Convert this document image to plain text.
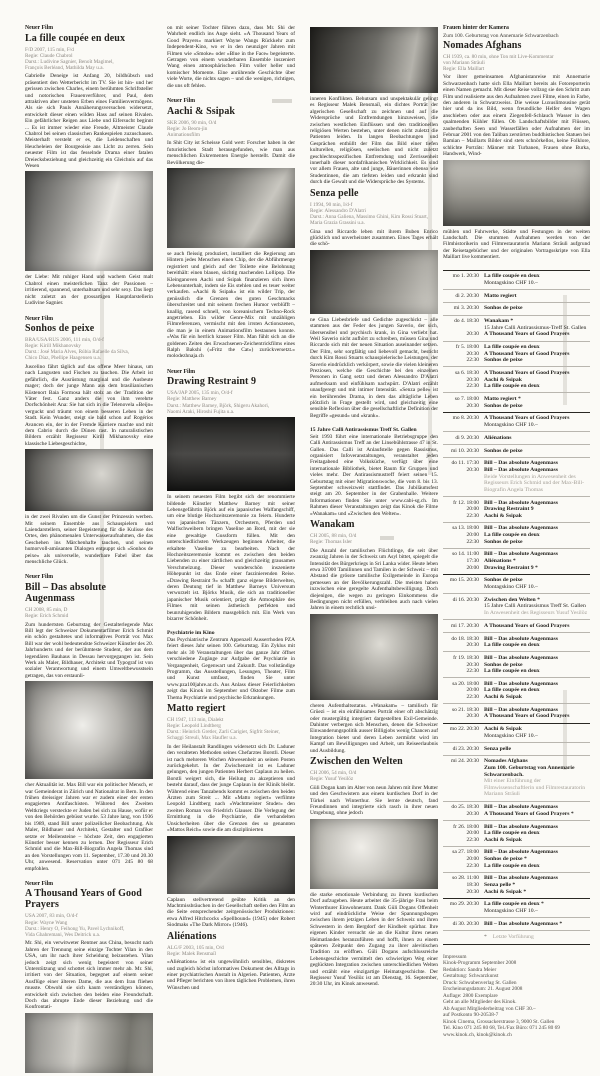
Neuer Film
La fille coupée en deux
F/D 2007, 115 min, F/d
Regie: Claude Chabrol
Darst.: Ludivine Sagnier, Benoît Magimel,
François Berléand, Mathilda May u.a.

Gabrielle Deneige ist Anfang 20, bildhübsch und präsentiert den Wetterbericht im TV. Sie ist hin- und her gerissen zwischen Charles, einem berühmten Schriftsteller und notorischen Frauenverführer, und Paul, dem attraktiven aber unsteten Erben eines Familienvermögens. Als sie sich Pauls Annäherungsversuchen widersetzt, entwickelt dieser einen wilden Hass auf seinen Rivalen. Ein gefährlicher Reigen aus Liebe und Eifersucht beginnt ... Es ist immer wieder eine Freude, Altmeister Claude Chabrol bei seinen classischen Rankespielen zuzuschauen. Meisterhaft versteht er es, die Leidenschaften und Heucheleien der Bourgeoisie ans Licht zu zerren. Sein neuester Film ist das fesselnde Drama einer fatalen Dreiecksbeziehung und gleichzeitig ein Gleichnis auf das Wesen

der Liebe: Mit ruhiger Hand und wachem Geist malt Chabrol einen meisterlichen Tanz der Passionen – irritierend, spannend, unterhaltsam und sehr sexy. Das liegt nicht zuletzt an der grossartigen Hauptdarstellerin Ludivine Sagnier.

Neuer Film
Sonhos de peixe
BRA/USA/RUS 2006, 111 min, O/d-f
Regie: Kirill Mikhanovsky
Darst.: José Maria Alves, Rúbia Rafaelle da Silva,
Chico Díaz, Phellipe Haagensen u.a.

Juscelino fährt täglich auf das offene Meer hinaus, um nach Langusten und Fischen zu tauchen. Die Arbeit ist gefährlich, die Ausrüstung marginal und die Ausbeute mager; doch der junge Mann aus dem brasilianischen Küstenort Baia Formosa hält stolz an der Tradition der Väter fest. Ganz anders die von ihm verehrte Dorfschönheit Ana: Sie hat sich in die Telenovela «Beijo» verguckt und träumt von einem besseren Leben in der Stadt. Kein Wunder, steigt sie bald schon auf Rogérios Avancen ein, der in der Fremde Karriere machte und mit dem Cabrio durch die Dünen rast. In naturalistischen Bildern erzählt Regisseur Kirill Mikhanovsky eine klassische Liebesgeschichte,

in der zwei Rivalen um die Gunst der Prinzessin werben. Mit seinem Ensemble aus Schauspielern und Laiendarstellern, seiner Begeisterung für die Kulisse des Ortes, den phänomenalen Unterwasseraufnahmen, die das Geschehen ins Märchenhafte tauchen, und seinen humorvoll-amüsanten Dialogen entpuppt sich «Sonhos de peixe» als universelle, wunderbare Fabel über das menschliche Glück.

Neuer Film
Bill – Das absolute Augenmass
CH 2008, 85 min, D
Regie: Erich Schmid

Zum hundertsten Geburtstag der Gestalterlegende Max Bill legt der Schweizer Dokumentarfilmer Erich Schmid ein schön gestaltetes und informatives Porträt vor. Max Bill war der wohl bedeutendste Schweizer Künstler des 20. Jahrhunderts und der berühmteste Student, der aus dem legendären Bauhaus in Dessau hervorgegangen ist. Sein Werk als Maler, Bildhauer, Architekt und Typograf ist von sozialer Verantwortung und einem Umweltbewusstsein getragen, das von erstaunli-

cher Aktualität ist. Max Bill war ein politischer Mensch, er war Gemeinderat in Zürich und Nationalrat in Bern. In den frühen dreissiger Jahren war er zudem einer der ersten engagierten Antifaschisten. Während des Zweiten Weltkriegs versteckte er Juden bei sich zu Hause, wofür er von den Behörden gebüsst wurde. 53 Jahre lang, von 1936 bis 1989, stand Bill unter polizeilicher Beobachtung. Als Maler, Bildhauer und Architekt, Gestalter und Grafiker setzte er Meilensteine – höchste Zeit, den engagierten Künstler besser kennen zu lernen. Der Regisseur Erich Schmid und die Max-Bill-Biografin Angela Thomas sind an den Vorstellungen vom 11. September, 17.30 und 20.30 Uhr, anwesend. Reservation unter 071 245 80 68 empfohlen.

Neuer Film
A Thousand Years of Good Prayers
USA 2007, 83 min, O/d-f
Regie: Wayne Wang
Darst.: Henry O, Feihong Yu, Pavel Lychnikoff,
Vida Ghahremani, Wes Deitrick u.a.

Mr. Shi, ein verwitweter Rentner aus China, besucht nach Jahren der Trennung seine einzige Tochter Yilan in den USA, um ihr nach ihrer Scheidung beizustehen. Yilan jedoch zeigt sich wenig begeistert von seiner Unterstützung und schottet sich immer mehr ab. Mr. Shi, irritiert von der Situation, begegnet auf einem seiner Ausflüge einer älteren Dame, die aus dem Iran fliehen musste. Obwohl sie sich kaum verständigen können, entwickelt sich zwischen den beiden eine Freundschaft. Doch das abrupte Ende dieser Beziehung und die Konfrontati-

on mit seiner Tochter führen dazu, dass Mr. Shi der Wahrheit endlich ins Auge sieht. «A Thousand Years of Good Prayers» markiert Wayne Wangs Rückkehr zum Independent-Kino, wo er in den neunziger Jahren mit Filmen wie «Smoke» oder «Blue in the Face» begeisterte. Getragen von einem wunderbaren Ensemble inszeniert Wang einen atmosphärischen Film voller heller und komischer Momente. Eine anrührende Geschichte über viele Worte, die nichts sagen – und die wenigen, richtigen, die uns oft fehlen.

Neuer Film
Aachi & Ssipak
SKR 2006, 90 min, O/d
Regie: Jo Beom-jin
Animationsfilm

In Shit City ist Scheisse Gold wert: Forscher haben in der futuristischen Stadt herausgefunden, wie man aus menschlichen Exkrementen Energie herstellt. Damit die Bevölkerung die-

se auch fleissig produziert, installiert die Regierung am Hintern jedes Menschen einen Chip, der die Abführmenge registriert und gleich auf der Toilette eine Belohnung bereithält: einen blauen, süchtig machenden Lollipop. Die Kleinganoven Aachi und Ssipak finanzieren sich ihren Lebensunterhalt, indem sie Eis stehlen und es teuer weiter verkaufen. «Aachi & Ssipak» ist ein wilder Trip, der genüsslich die Grenzen des guten Geschmacks überschreitet und mit seinem frechen Humor verblüfft – knallig, rasend schnell, von koreanischem Techno-Rock angetrieben. Ein wilder Genre-Mix mit unzähligen Filmreferenzen, vermischt mit den irrsten Actionszenen, die man je in einem Animationsfilm bestaunen konnte. «Was für ein herrlich krasser Film. Man fühlt sich an die goldenen Zeiten des Erwachsenen-Zeichentrickfilms eines Ralph Bakshi («Fritz the Cat») zurückversetzt.» molodezhnaja.ch

Neuer Film
Drawing Restraint 9
USA/JAP 2005, 135 min, O/d-f
Regie: Matthew Barney
Darst.: Matthew Barney, Björk, Shigeru Akahori,
Naomi Araki, Hiroshi Fujita u.a.

In seinem neuesten Film begibt sich der renommierte bildende Künstler Matthew Barney mit seiner Lebensgefährtin Björk auf ein japanisches Walfangschiff, um eine blutige Hochzeitszeremonie zu feiern. Hunderte von japanischen Tänzern, Orchestern, Pferden und Walfischweibern bringen Vaseline an Bord, mit der sie eine gewaltige Gussform füllen. Mit den unterschiedlichsten Werkzeugen beginnen Arbeiter, die erkaltete Vaseline zu bearbeiten. Nach der Hochzeitszeremonie kommt es zwischen den beiden Liebenden zu einer zärtlichen und gleichzeitig grausamen Verschmelzung. Dieser wunderschön inszenierte Höhepunkt ist das Ende einer faszinierenden Reise. «Drawing Restraint 9» schafft ganz eigene Bilderwelten, deren Deutung tief in Matthew Barneys Universum verwurzelt ist. Björks Musik, die sich an traditioneller japanischer Musik orientiert, prägt die Atmosphäre des Filmes mit seinen ästhetisch perfekten und beunruhigenden Bildern massgeblich mit. Ein Werk von bizarrer Schönheit.

Psychiatrie im Kino

Das Psychiatrische Zentrum Appenzell Ausserrhoden PZA feiert dieses Jahr seinen 100. Geburtstag. Ein Zyklus mit mehr als 30 Veranstaltungen über das ganze Jahr öffnet verschiedene Zugänge zur Aufgabe der Psychiatrie in Vergangenheit, Gegenwart und Zukunft. Das vollständige Programm, das Ausstellungen, Lesungen, Theater, Film und Kunst umfasst, finden Sie unter www.pza100jahre.ar.ch. Aus Anlass dieser Feierlichkeiten zeigt das Kinok im September und Oktober Filme zum Thema Psychiatrie und psychische Erkrankungen.

Matto regiert
CH 1947, 113 min, Dialekt
Regie: Leopold Lindtberg
Darst.: Heinrich Gretler, Zarli Carigiet, Sigfrit Steiner,
Schaggi Streuli, Max Haufler u.a.

In der Heilanstalt Randlingen widersetzt sich Dr. Laduner den veralteten Methoden seines Chefarztes Borstli. Dieser ist nach mehreren Wochen Abwesenheit an seinen Posten zurückgekehrt. In der Zwischenzeit ist es Laduner gelungen, den jungen Patienten Herbert Caplaun zu heilen. Borstli weigert sich, die Heilung zu akzeptieren und besteht darauf, dass der junge Caplaun in der Klinik bleibt. Während eines Tanzabends kommt es zwischen den beiden Ärzten zum Streit ... Mit «Matto regiert» verfilmte Leopold Lindtberg nach «Wachtmeister Studer» den zweiten Roman von Friedrich Glauser. Die Verlegung der Ermittlung in die Psychiatrie, die verhandelten Unsicherheiten über die Grenzen des so genannten «Mattos Reich» sowie die am disziplinierten

Caplaun stellvertretend geübte Kritik an den Machtmissbräuchen in der Gesellschaft stellen den Film an die Seite entsprechender zeitgenössischer Produktionen: etwa Alfred Hitchcocks «Spellbound» (1945) oder Robert Siodmaks «The Dark Mirror» (1946).

Aliénations
ALG/F 2003, 105 min, O/d
Regie: Malek Bensmaïl

«Aliénations» ist ein ungewöhnlich sensibles, diskretes und zugleich höchst informatives Dokument des Alltags in einer psychiatrischen Anstalt in Algerien. Patienten, Ärzte und Pfleger berichten von ihren täglichen Problemen, ihren Wünschen und

inneren Konflikten. Behutsam und unspektakulär gelingt es Regisseur Malek Bensmaïl, ein dichtes Porträt der algerischen Gesellschaft zu zeichnen und auf die Widersprüche und Entfremdungen hinzuweisen, die zwischen westlichen Einflüssen und den traditionellen religiösen Werten bestehen, unter denen nicht zuletzt die Patienten leiden. In langen Beobachtungen und Gesprächen enthüllt der Film das Bild einer tiefen kulturellen, religiösen, seelischen und nicht zuletzt geschlechtsspezifischen Entfremdung und Zerrissenheit innerhalb dieser nordafrikanischen Wirklichkeit. Es sind vor allem Frauen, alte und junge, Bäuerinnen ebenso wie Studentinnen, die am tiefsten leiden und erkrankt sind durch die Gewalt und die Widersprüche des Systems.

Senza pelle
I 1994, 90 min, I/d-f
Regie: Alessandro D'Alatri
Darst.: Anna Galiena, Massimo Ghini, Kim Rossi Stuart,
Maria Grazia Grassini u.a.

Gina und Riccardo leben mit ihrem Buben Enrico glücklich und unverheiratet zusammen. Eines Tages erhält die schö-

ne Gina Liebesbriefe und Gedichte zugeschickt – alle stammen aus der Feder des jungen Saverio, der sich, übersensibel und psychisch krank, in Gina verliebt hat. Weil Saverio nicht aufhört zu schreiben, müssen Gina und Riccardo sich mit der neuen Situation auseinander setzen. Der Film, sehr sorgfältig und liebevoll gemacht, besticht durch Kim Rossi Stuarts schauspielerische Leistungen, der Saverio eindrücklich verkörpert, sowie die vielen kleineren Preziosen, welche die Geschichte bei den einzelnen Personen in Gang setzt und denen Alessandro D'Alatri aufmerksam und einfühlsam nachspürt. D'Alatri erzählt unaufgeregt und mit intimer Intensität. «Senza pelle» ist ein berührendes Drama, in dem das alltägliche Leben plötzlich in Frage gestellt wird, und gleichzeitig eine sensible Reflexion über die gesellschaftliche Definition der Begriffe «gesund» und «krank».

15 Jahre Calli Antirassismus Treff St. Gallen

Seit 1993 führt eine internationale Betriebsgruppe den Calli Antirassismus Treff an der Linsebühlstrasse 47 in St. Gallen. Das Calli ist Anlaufstelle gegen Rassismus, organisiert Infoveranstaltungen, veranstaltet jeden Freitagabend eine Volksküche, verfügt über eine internationale Bibliothek, bietet Raum für Gruppen und vieles mehr. Der Antirassismustreff feiert seinen 15. Geburtstag mit einer Migrationswoche, die vom 8. bis 13. September schweizweit stattfindet. Das Jubiläumsfest steigt am 20. September in der Grabenhalle. Weitere Informationen finden Sie unter www.cabi-sg.ch. Im Rahmen dieser Veranstaltungen zeigt das Kinok die Filme «Wanakam» und «Zwischen den Welten».

Wanakam
CH 2005, 88 min, O/d
Regie: Thomas Isler

Die Anzahl der tamilischen Flüchtlinge, die seit über zwanzig Jahren in der Schweiz um Asyl bittet, spiegelt die Intensität des Bürgerkriegs in Sri Lanka wider. Heute leben etwa 35'000 Tamilinnen und Tamilen in der Schweiz – mit Abstand die grösste tamilische Exilgemeinde in Europa gemessen an der Bevölkerungszahl. Die meisten haben inzwischen eine geregelte Aufenthaltsbewilligung. Doch diejenigen, die wegen zu geringen Einkommens die Bedingungen nicht erfüllen, verbleiben auch nach vielen Jahren in einem rechtlich unsi-

cheren Aufenthaltsstatus. «Wanakam» – tamilisch für Grüezi – ist ein einfühlsames Porträt einer oft abschätzig oder mustergültig integriert dargestellten Exil-Gemeinde. Dahinter verbergen sich Menschen, denen die Schweizer Einwanderungspolitik ausser Billigjobs wenig Chancen auf Integration bietet und deren Leben zermürbt wird im Kampf um Bewilligungen und Arbeit, um Reiseerlaubnis und Ausbildung.

Zwischen den Welten
CH 2006, 54 min, O/d
Regie: Yusuf Yesilöz

Güli Dogan kam im Alter von neun Jahren mit ihrer Mutter und den Geschwistern aus einem kurdischen Dorf in der Türkei nach Winterthur. Sie lernte deutsch, fand Freundinnen und integrierte sich rasch in ihrer neuen Umgebung, ohne jedoch

die starke emotionale Verbindung zu ihrem kurdischen Dorf aufzugeben. Heute arbeitet die 35-jährige Frau beim Winterthurer Einwohneramt. Dank Güli Dogans Offenheit wird auf eindrückliche Weise der Spannungsbogen zwischen ihrem jetzigen Leben in der Schweiz und ihren Schwestern in dem Bergdorf der Kindheit spürbar. Ihre eigenen Kinder versucht sie an die Kultur ihres neuen Heimatlandes heranzuführen und hofft, ihnen zu einem späteren Zeitpunkt den Zugang zu ihrer alevitischen Tradition zu eröffnen. Güli Dogans aufschlussreiche Lebensgeschichte vermittelt den schwierigen Weg einer geglückten Integration zwischen unterschiedlichen Welten und erzählt eine einzigartige Heimatsgeschichte. Der Regisseur Yusuf Yesilöz ist am Dienstag, 16. September, 20:30 Uhr, im Kinok anwesend.

Frauen hinter der Kamera
Zum 100. Geburtstag von Annemarie Schwarzenbach
Nomades Afghans
CH 1939, ca. 80 min, ohne Ton mit Live-Kommentar
von Mariann Sträuli
Regie: Ella Maillart

Vor ihrer gemeinsamen Afghanistanreise mit Annemarie Schwarzenbach hatte sich Ella Maillart bereits als Fotoreporterin einen Namen gemacht. Mit dieser Reise vollzog sie den Schritt zum Film und realisierte aus den Aufnahmen zwei Filme, einen in Farbe, den anderen in Schwarzweiss. Die weisse Luxuslimousine gerät hier und da ins Bild, wenn freundliche Helfer den Wagen anschieben oder aus einem Ziegenfell-Schlauch Wasser in den qualmenden Kühler füllen. Ob Landschaftsbilder mit Flüssen, zauberhaften Seen und Wasserfällen oder Aufnahmen der im Februar 2001 von den Taliban zerstörten buddhistischen Statuen bei Bamian – Maillarts Bilder sind stets schnörkellos, keine Folklore, schlichte Porträts: Männer mit Turbanen, Frauen ohne Burka, Handwerk, Wind-

mühlen und Fuhrwerke, Städte und Festungen in der weiten Landschaft. Die stummen Aufnahmen werden von der Filmhistorikerin und Filmrestauratorin Mariann Sträuli aufgrund der Reisetagebücher und der originalen Vortragsskripte von Ella Maillart live kommentiert.

mo 1. 20:30 La fille coupée en deux
Montagskino CHF 10.–
di 2. 20:30 Matto regiert
mi 3. 20:30 Sonhos de peixe
do 4. 18:30 Wanakam *
15 Jahre Calli Antirassismus-Treff St. Gallen
20:30 A Thousand Years of Good Prayers
fr 5. 18:00 La fille coupée en deux
20:30 A Thousand Years of Good Prayers
22:30 Sonhos de peixe
sa 6. 18:30 A Thousand Years of Good Prayers
20:30 Aachi & Ssipak
22:30 La fille coupée en deux
so 7. 18:00 Matto regiert *
20:30 Sonhos de peixe
mo 8. 20:30 A Thousand Years of Good Prayers
Montagskino CHF 10.–
di 9. 20:30 Aliénations
mi 10. 20:30 Sonhos de peixe
do 11. 17:30 Bill – Das absolute Augenmass
20:30 Bill – Das absolute Augenmass
Beide Vorstellungen in Anwesenheit des Regisseurs Erich Schmid und der Max-Bill-Biografin Angela Thomas
fr 12. 18:00 Bill – Das absolute Augenmass
20:00 Drawing Restraint 9
22:30 Aachi & Ssipak
sa 13. 18:00 Bill – Das absolute Augenmass
20:00 La fille coupée en deux
22:30 Sonhos de peixe
so 14. 11:00 Bill – Das absolute Augenmass
17:30 Aliénations *
20:00 Drawing Restraint 9 *
mo 15. 20:30 Sonhos de peixe
Montagskino CHF 10.–
di 16. 20:30 Zwischen den Welten *
15 Jahre Calli Antirassismus Treff St. Gallen
In Anwesenheit des Regisseurs Yusuf Yesilöz
mi 17. 20:30 A Thousand Years of Good Prayers
do 18. 18:30 Bill – Das absolute Augenmass
20:30 La fille coupée en deux
fr 19. 18:30 Bill – Das absolute Augenmass
20:30 Sonhos de peixe
22:30 La fille coupée en deux
sa 20. 18:00 Bill – Das absolute Augenmass
20:00 La fille coupée en deux
22:30 Aachi & Ssipak
so 21. 18:30 Bill – Das absolute Augenmass
20:30 A Thousand Years of Good Prayers
mo 22. 20:30 Aachi & Ssipak
Montagskino CHF 10.–
di 23. 20:30 Senza pelle
mi 24. 20:30 Nomades Afghans
Zum 100. Geburtstag von Annemarie Schwarzenbach.
Mit einer Einführung der Filmwissenschaftlerin und Filmrestauratorin Mariann Sträuli
do 25. 18:30 Bill – Das absolute Augenmass
20:30 A Thousand Years of Good Prayers *
fr 26. 18:00 Bill – Das absolute Augenmass
20:00 La fille coupée en deux
22:30 Aachi & Ssipak
sa 27. 18:00 Bill – Das absolute Augenmass
20:00 Sonhos de peixe *
22:30 La fille coupée en deux
so 28. 11:00 Bill – Das absolute Augenmass
18:30 Senza pelle *
20:30 Aachi & Ssipak *
mo 29. 20:30 La fille coupée en deux *
Montagskino CHF 10.–
di 30. 20:30 Bill – Das absolute Augenmass *
* Letzte Vorführung
Impressum
Kinok-Programm September 2008
Redaktion: Sandra Meier
Gestaltung: Schwarzkunst
Druck: Schwabenverlag St. Gallen
Erscheinungsdatum: 21. August 2008
Auflage: 2800 Exemplare
Geht an alle Mitglieder des Kinok.
Ab August Mitgliederbeitrag von CHF 30.–
auf Postkonto 90-20538-7
Kinok Cinema, Grossackerstrasse 3, 9000 St. Gallen
Tel. Kino 071 245 80 68, Tel./Fax Büro: 071 245 80 69
www.kinok.ch, kinok@kinok.ch
